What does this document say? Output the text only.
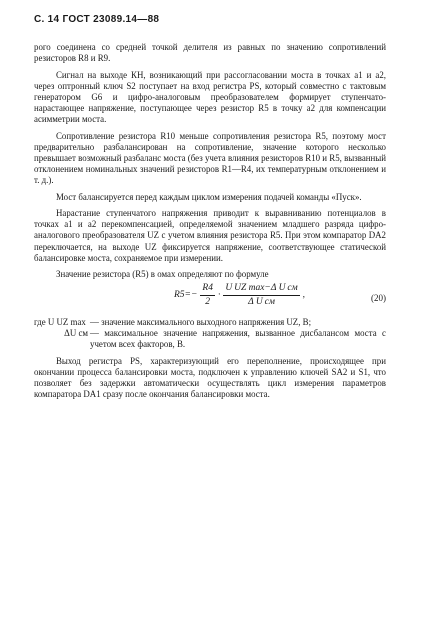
С. 14 ГОСТ 23089.14—88

рого соединена со средней точкой делителя из равных по значению сопротивлений резисторов R8 и R9.

Сигнал на выходе КН, возникающий при рассогласовании моста в точках а1 и а2, через оптронный ключ S2 поступает на вход регистра PS, который совместно с тактовым генератором G6 и цифро-аналоговым преобразователем формирует ступенчато-нарастающее напряжение, поступающее через резистор R5 в точку а2 для компенсации асимметрии моста.

Сопротивление резистора R10 меньше сопротивления резистора R5, поэтому мост предварительно разбалансирован на сопротивление, значение которого несколько превышает возможный разбаланс моста (без учета влияния резисторов R10 и R5, вызванный отклонением номинальных значений резисторов R1—R4, их температурным отклонением и т. д.).

Мост балансируется перед каждым циклом измерения подачей команды «Пуск».

Нарастание ступенчатого напряжения приводит к выравниванию потенциалов в точках а1 и а2 перекомпенсацией, определяемой значением младшего разряда цифро-аналогового преобразователя UZ с учетом влияния резистора R5. При этом компаратор DA2 переключается, на выходе UZ фиксируется напряжение, соответствующее статической балансировке моста, сохраняемое при измерении.

Значение резистора (R5) в омах определяют по формуле

$R5= - \frac{R4}{2} \cdot \frac{\text{U UZ max−Δ U см}}{\text{Δ U см}}$ ,	(20)
где U UZ max — значение максимального выходного напряжения UZ, В;
ΔU см — максимальное значение напряжения, вызванное дисбалансом моста с учетом всех факторов, В.

Выход регистра PS, характеризующий его переполнение, происходящее при окончании процесса балансировки моста, подключен к управлению ключей SA2 и S1, что позволяет без задержки автоматически осуществлять цикл измерения параметров компаратора DA1 сразу после окончания балансировки моста.
